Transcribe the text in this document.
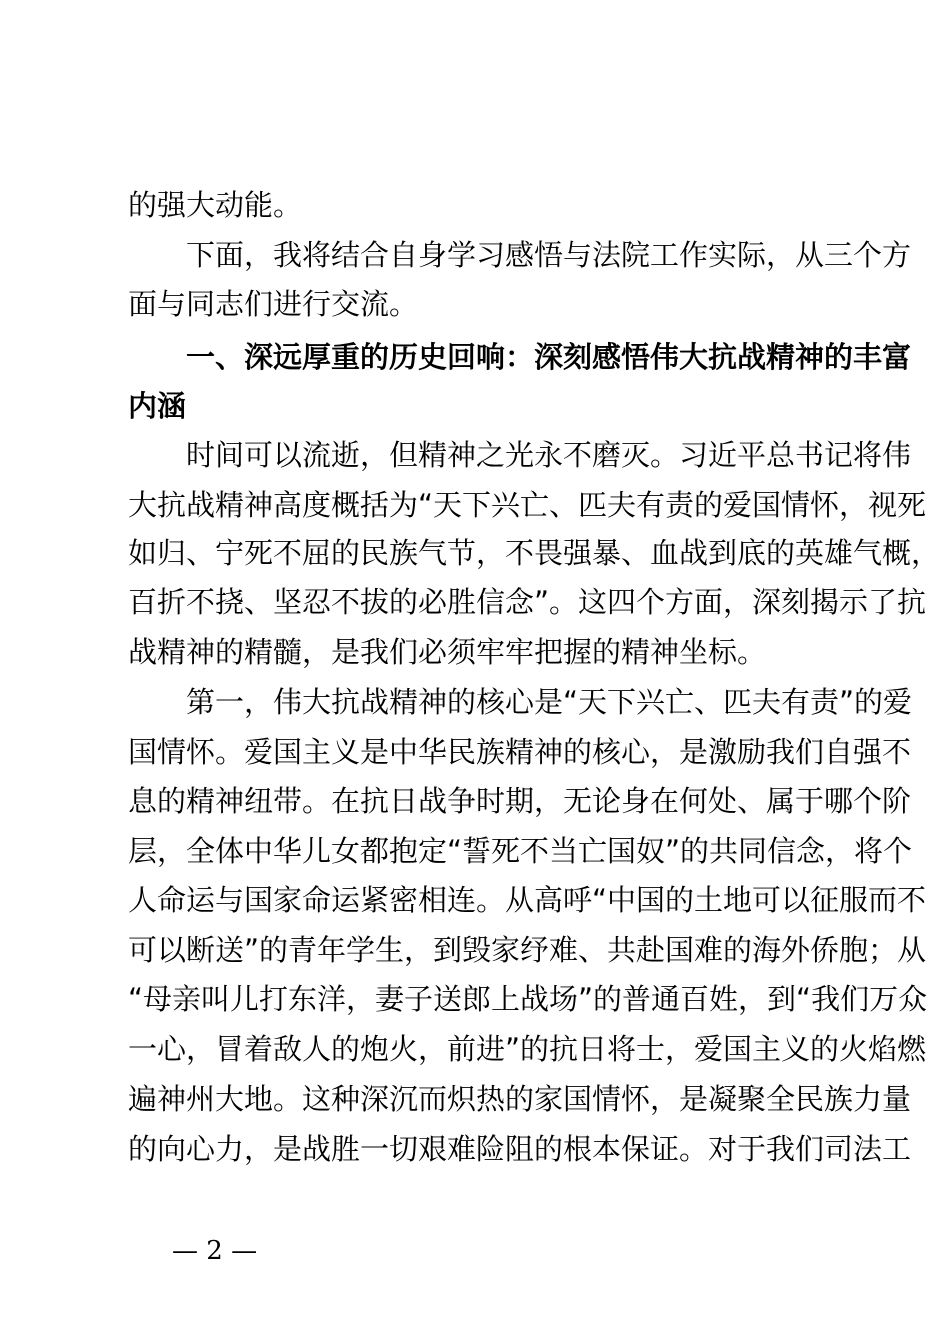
的强大动能。
下面，我将结合自身学习感悟与法院工作实际，从三个方
面与同志们进行交流。
一、深远厚重的历史回响：深刻感悟伟大抗战精神的丰富
内涵
时间可以流逝，但精神之光永不磨灭。习近平总书记将伟
大抗战精神高度概括为“天下兴亡、匹夫有责的爱国情怀，视死
如归、宁死不屈的民族气节，不畏强暴、血战到底的英雄气概，
百折不挠、坚忍不拔的必胜信念”。这四个方面，深刻揭示了抗
战精神的精髓，是我们必须牢牢把握的精神坐标。
第一，伟大抗战精神的核心是“天下兴亡、匹夫有责”的爱
国情怀。爱国主义是中华民族精神的核心，是激励我们自强不
息的精神纽带。在抗日战争时期，无论身在何处、属于哪个阶
层，全体中华儿女都抱定“誓死不当亡国奴”的共同信念，将个
人命运与国家命运紧密相连。从高呼“中国的土地可以征服而不
可以断送”的青年学生，到毁家纾难、共赴国难的海外侨胞；从
“母亲叫儿打东洋，妻子送郎上战场”的普通百姓，到“我们万众
一心，冒着敌人的炮火，前进”的抗日将士，爱国主义的火焰燃
遍神州大地。这种深沉而炽热的家国情怀，是凝聚全民族力量
的向心力，是战胜一切艰难险阻的根本保证。对于我们司法工
— 2 —
